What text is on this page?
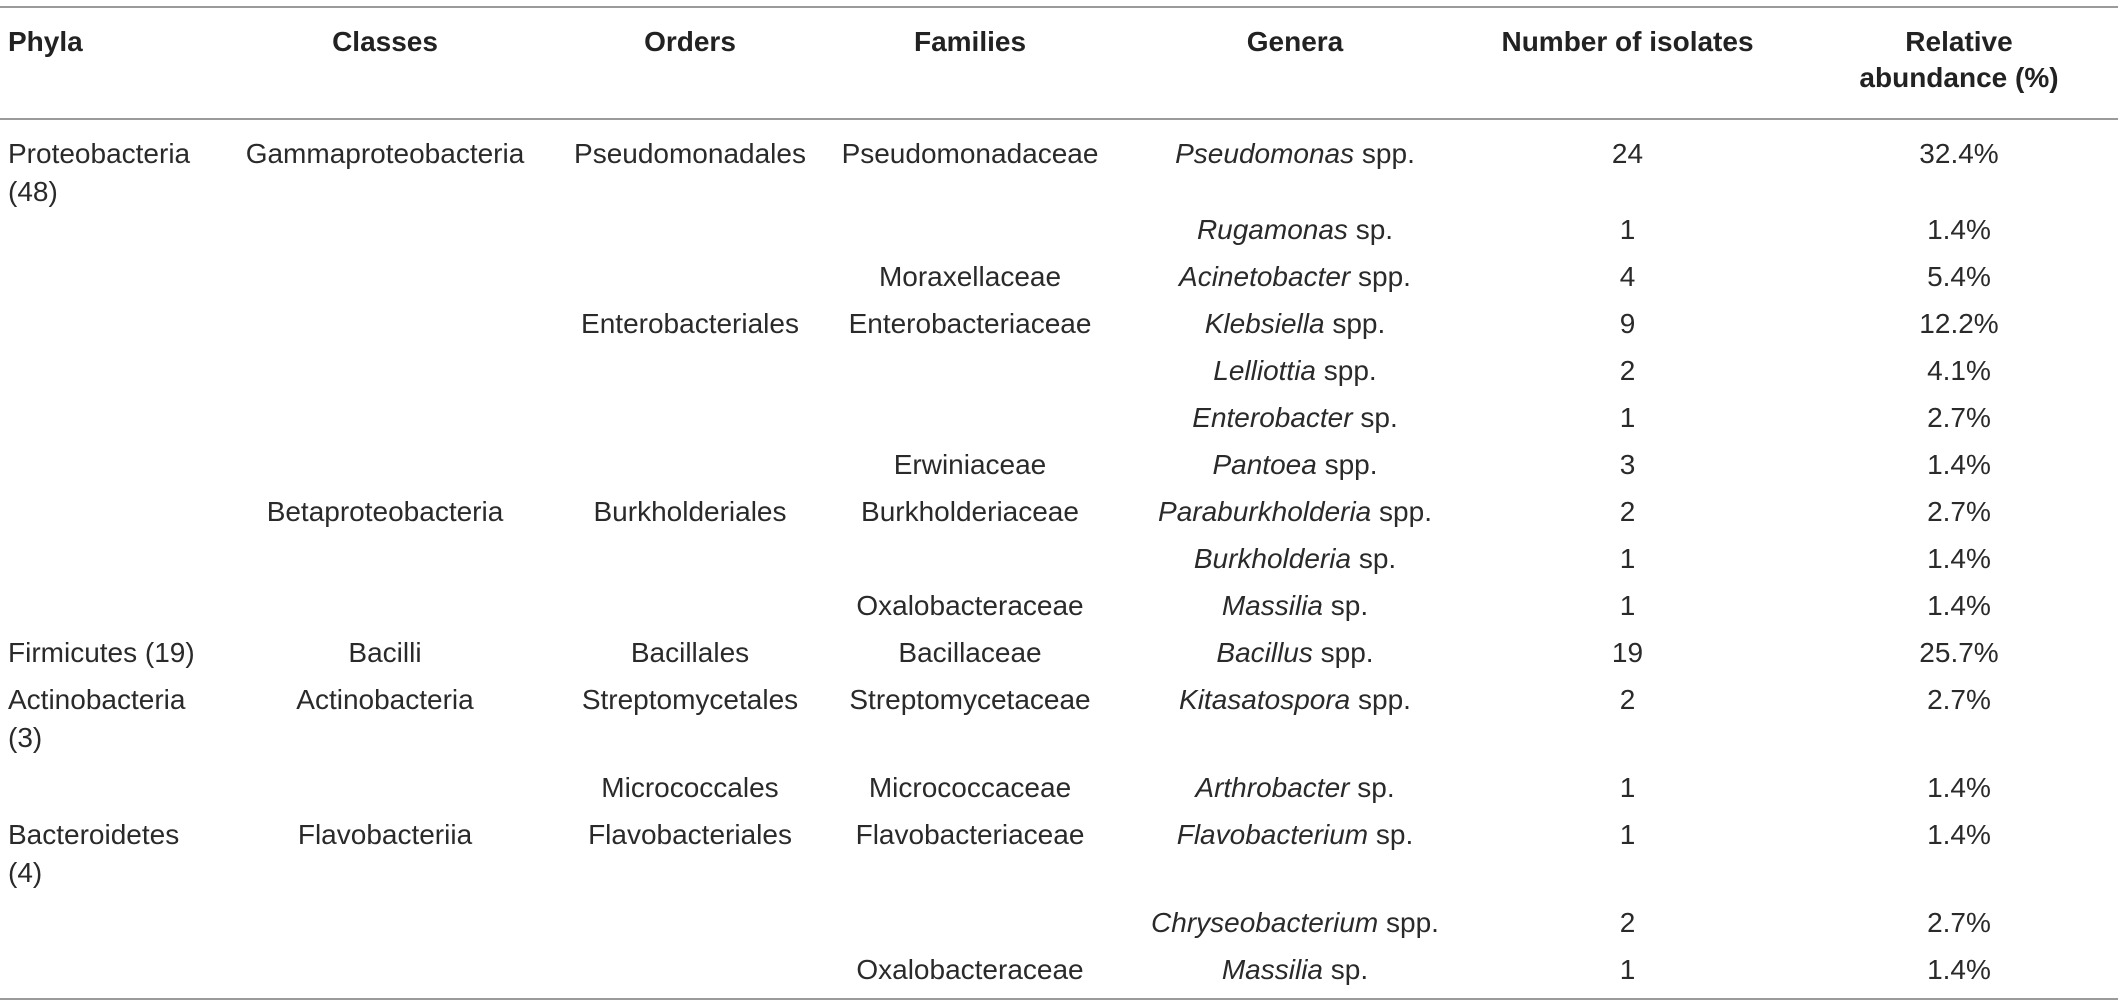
Phyla	Classes	Orders	Families	Genera	Number of isolates	Relative abundance (%)
Proteobacteria (48)	Gammaproteobacteria	Pseudomonadales	Pseudomonadaceae	Pseudomonas spp.	24	32.4%
				Rugamonas sp.	1	1.4%
			Moraxellaceae	Acinetobacter spp.	4	5.4%
		Enterobacteriales	Enterobacteriaceae	Klebsiella spp.	9	12.2%
				Lelliottia spp.	2	4.1%
				Enterobacter sp.	1	2.7%
			Erwiniaceae	Pantoea spp.	3	1.4%
	Betaproteobacteria	Burkholderiales	Burkholderiaceae	Paraburkholderia spp.	2	2.7%
				Burkholderia sp.	1	1.4%
			Oxalobacteraceae	Massilia sp.	1	1.4%
Firmicutes (19)	Bacilli	Bacillales	Bacillaceae	Bacillus spp.	19	25.7%
Actinobacteria (3)	Actinobacteria	Streptomycetales	Streptomycetaceae	Kitasatospora spp.	2	2.7%
		Micrococcales	Micrococcaceae	Arthrobacter sp.	1	1.4%
Bacteroidetes (4)	Flavobacteriia	Flavobacteriales	Flavobacteriaceae	Flavobacterium sp.	1	1.4%
				Chryseobacterium spp.	2	2.7%
			Oxalobacteraceae	Massilia sp.	1	1.4%
